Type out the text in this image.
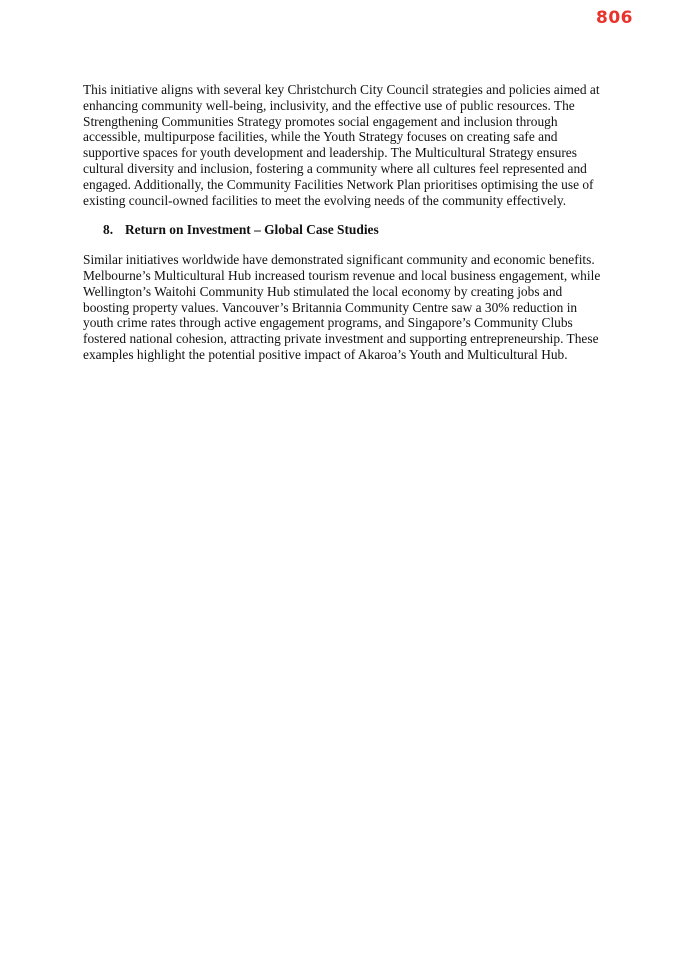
806

This initiative aligns with several key Christchurch City Council strategies and policies aimed at enhancing community well-being, inclusivity, and the effective use of public resources. The Strengthening Communities Strategy promotes social engagement and inclusion through accessible, multipurpose facilities, while the Youth Strategy focuses on creating safe and supportive spaces for youth development and leadership. The Multicultural Strategy ensures cultural diversity and inclusion, fostering a community where all cultures feel represented and engaged. Additionally, the Community Facilities Network Plan prioritises optimising the use of existing council-owned facilities to meet the evolving needs of the community effectively.

8. Return on Investment – Global Case Studies

Similar initiatives worldwide have demonstrated significant community and economic benefits. Melbourne’s Multicultural Hub increased tourism revenue and local business engagement, while Wellington’s Waitohi Community Hub stimulated the local economy by creating jobs and boosting property values. Vancouver’s Britannia Community Centre saw a 30% reduction in youth crime rates through active engagement programs, and Singapore’s Community Clubs fostered national cohesion, attracting private investment and supporting entrepreneurship. These examples highlight the potential positive impact of Akaroa’s Youth and Multicultural Hub.
